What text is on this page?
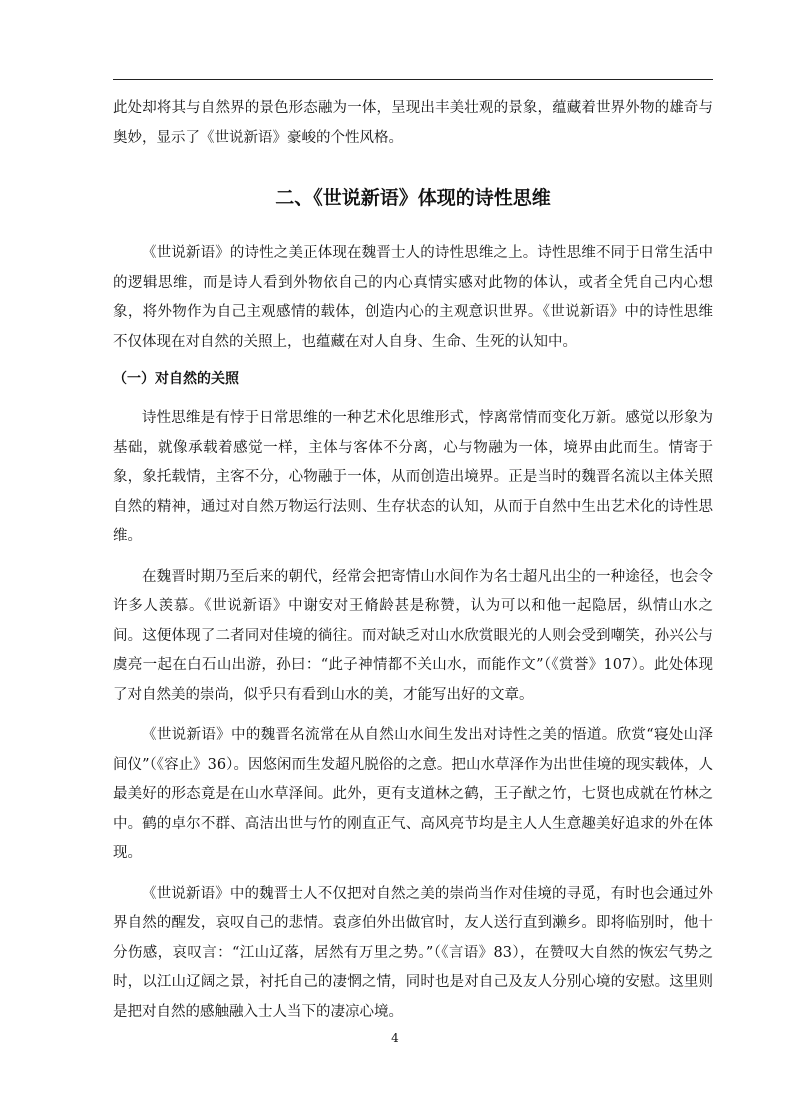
此处却将其与自然界的景色形态融为一体，呈现出丰美壮观的景象，蕴藏着世界外物的雄奇与奥妙，显示了《世说新语》豪峻的个性风格。

二、《世说新语》体现的诗性思维

《世说新语》的诗性之美正体现在魏晋士人的诗性思维之上。诗性思维不同于日常生活中的逻辑思维，而是诗人看到外物依自己的内心真情实感对此物的体认，或者全凭自己内心想象，将外物作为自己主观感情的载体，创造内心的主观意识世界。《世说新语》中的诗性思维不仅体现在对自然的关照上，也蕴藏在对人自身、生命、生死的认知中。

（一）对自然的关照

诗性思维是有悖于日常思维的一种艺术化思维形式，悖离常情而变化万新。感觉以形象为基础，就像承载着感觉一样，主体与客体不分离，心与物融为一体，境界由此而生。情寄于象，象托载情，主客不分，心物融于一体，从而创造出境界。正是当时的魏晋名流以主体关照自然的精神，通过对自然万物运行法则、生存状态的认知，从而于自然中生出艺术化的诗性思维。

在魏晋时期乃至后来的朝代，经常会把寄情山水间作为名士超凡出尘的一种途径，也会令许多人羡慕。《世说新语》中谢安对王脩龄甚是称赞，认为可以和他一起隐居，纵情山水之间。这便体现了二者同对佳境的徜往。而对缺乏对山水欣赏眼光的人则会受到嘲笑，孙兴公与虞亮一起在白石山出游，孙曰：“此子神情都不关山水，而能作文”（《赏誉》107）。此处体现了对自然美的崇尚，似乎只有看到山水的美，才能写出好的文章。

《世说新语》中的魏晋名流常在从自然山水间生发出对诗性之美的悟道。欣赏“寝处山泽间仪”（《容止》36）。因悠闲而生发超凡脱俗的之意。把山水草泽作为出世佳境的现实载体，人最美好的形态竟是在山水草泽间。此外，更有支道林之鹤，王子猷之竹，七贤也成就在竹林之中。鹤的卓尔不群、高洁出世与竹的刚直正气、高风亮节均是主人人生意趣美好追求的外在体现。

《世说新语》中的魏晋士人不仅把对自然之美的崇尚当作对佳境的寻觅，有时也会通过外界自然的醒发，哀叹自己的悲情。袁彦伯外出做官时，友人送行直到濑乡。即将临别时，他十分伤感，哀叹言：“江山辽落，居然有万里之势。”（《言语》83），在赞叹大自然的恢宏气势之时，以江山辽阔之景，衬托自己的凄惘之情，同时也是对自己及友人分别心境的安慰。这里则是把对自然的感触融入士人当下的凄凉心境。

4
